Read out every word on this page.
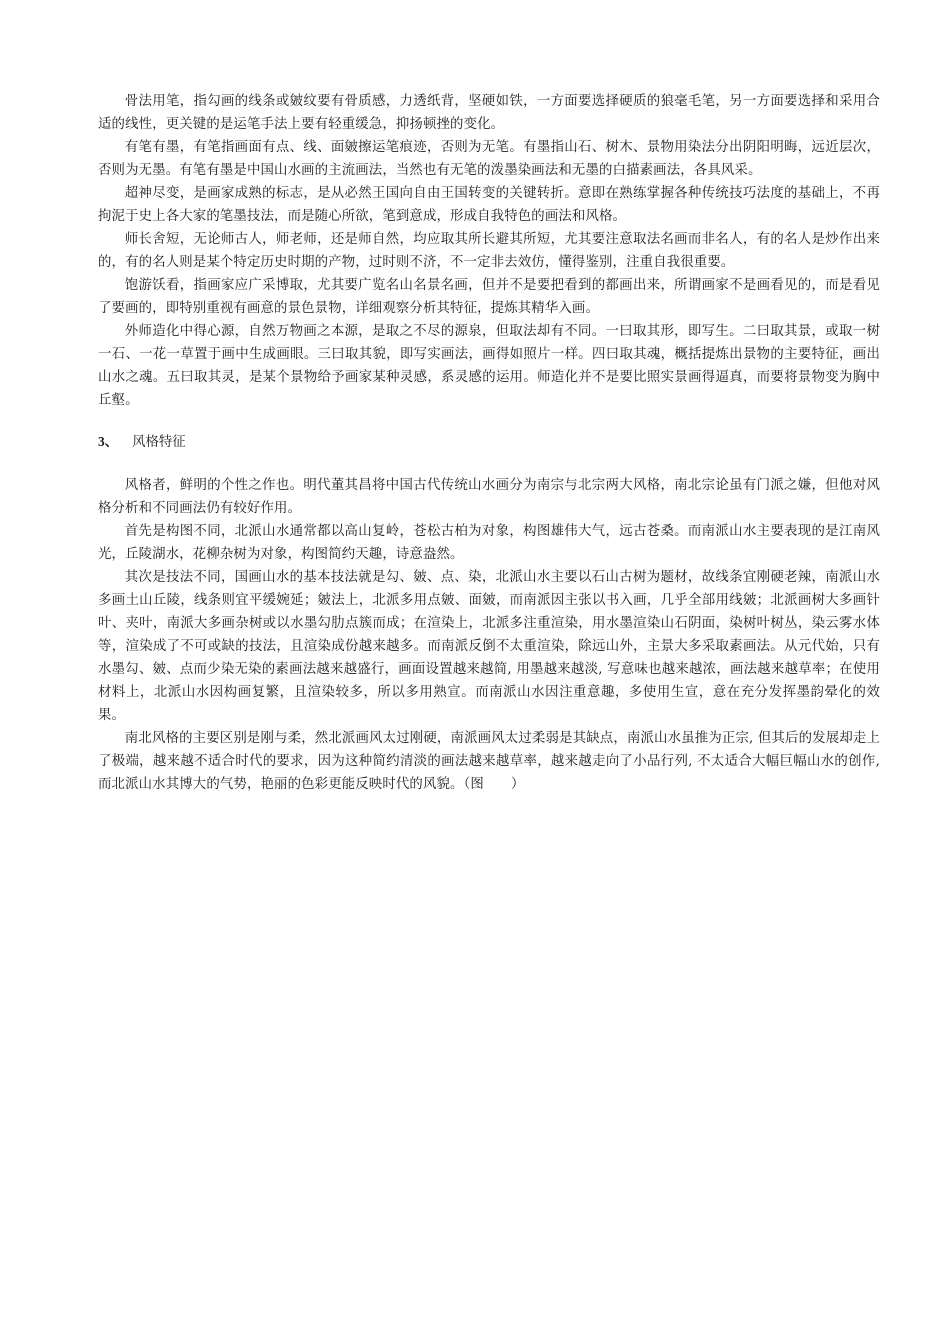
骨法用笔，指勾画的线条或皴纹要有骨质感，力透纸背，坚硬如铁，一方面要选择硬质的狼毫毛笔，另一方面要选择和采用合适的线性，更关键的是运笔手法上要有轻重缓急，抑扬顿挫的变化。

有笔有墨，有笔指画面有点、线、面皴擦运笔痕迹，否则为无笔。有墨指山石、树木、景物用染法分出阴阳明晦，远近层次，否则为无墨。有笔有墨是中国山水画的主流画法，当然也有无笔的泼墨染画法和无墨的白描素画法，各具风采。

超神尽变，是画家成熟的标志，是从必然王国向自由王国转变的关键转折。意即在熟练掌握各种传统技巧法度的基础上，不再拘泥于史上各大家的笔墨技法，而是随心所欲，笔到意成，形成自我特色的画法和风格。

师长舍短，无论师古人，师老师，还是师自然，均应取其所长避其所短，尤其要注意取法名画而非名人，有的名人是炒作出来的，有的名人则是某个特定历史时期的产物，过时则不济，不一定非去效仿，懂得鉴别，注重自我很重要。

饱游饫看，指画家应广采博取，尤其要广览名山名景名画，但并不是要把看到的都画出来，所谓画家不是画看见的，而是看见了要画的，即特别重视有画意的景色景物，详细观察分析其特征，提炼其精华入画。

外师造化中得心源，自然万物画之本源，是取之不尽的源泉，但取法却有不同。一曰取其形，即写生。二曰取其景，或取一树一石、一花一草置于画中生成画眼。三曰取其貌，即写实画法，画得如照片一样。四曰取其魂，概括提炼出景物的主要特征，画出山水之魂。五曰取其灵，是某个景物给予画家某种灵感，系灵感的运用。师造化并不是要比照实景画得逼真，而要将景物变为胸中丘壑。

3、 风格特征

风格者，鲜明的个性之作也。明代董其昌将中国古代传统山水画分为南宗与北宗两大风格，南北宗论虽有门派之嫌，但他对风格分析和不同画法仍有较好作用。

首先是构图不同，北派山水通常都以高山复岭，苍松古柏为对象，构图雄伟大气，远古苍桑。而南派山水主要表现的是江南风光，丘陵湖水，花柳杂树为对象，构图简约天趣，诗意盎然。

其次是技法不同，国画山水的基本技法就是勾、皴、点、染，北派山水主要以石山古树为题材，故线条宜刚硬老辣，南派山水多画土山丘陵，线条则宜平缓婉延；皴法上，北派多用点皴、面皴，而南派因主张以书入画，几乎全部用线皴；北派画树大多画针叶、夹叶，南派大多画杂树或以水墨勾肋点簇而成；在渲染上，北派多注重渲染，用水墨渲染山石阴面，染树叶树丛，染云雾水体等，渲染成了不可或缺的技法，且渲染成份越来越多。而南派反倒不太重渲染，除远山外，主景大多采取素画法。从元代始，只有水墨勾、皴、点而少染无染的素画法越来越盛行，画面设置越来越简, 用墨越来越淡, 写意味也越来越浓，画法越来越草率；在使用材料上，北派山水因构画复繁，且渲染较多，所以多用熟宣。而南派山水因注重意趣，多使用生宣，意在充分发挥墨韵晕化的效果。

南北风格的主要区别是刚与柔，然北派画风太过刚硬，南派画风太过柔弱是其缺点，南派山水虽推为正宗, 但其后的发展却走上了极端，越来越不适合时代的要求，因为这种简约清淡的画法越来越草率，越来越走向了小品行列, 不太适合大幅巨幅山水的创作, 而北派山水其博大的气势，艳丽的色彩更能反映时代的风貌。（图　　）
